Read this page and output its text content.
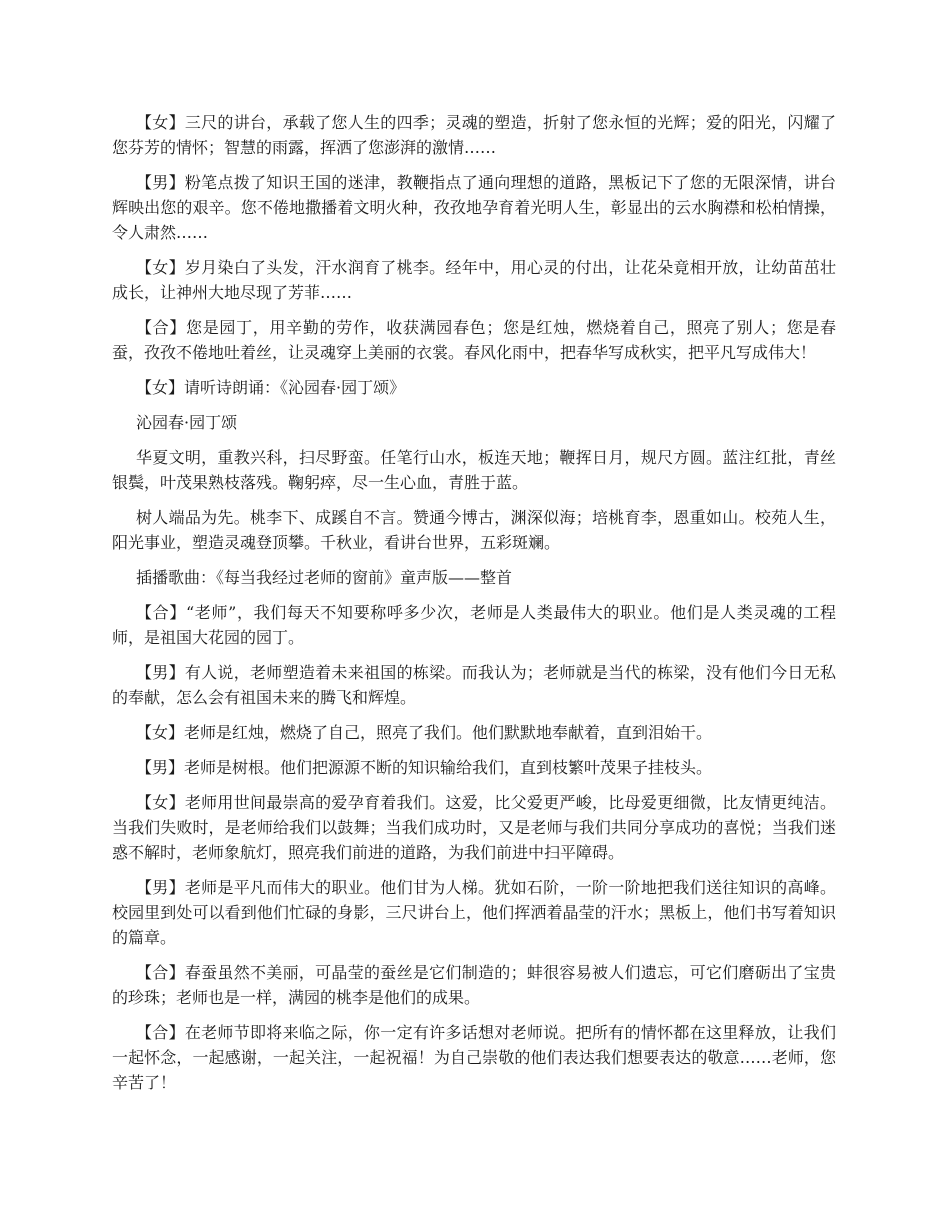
【女】三尺的讲台，承载了您人生的四季；灵魂的塑造，折射了您永恒的光辉；爱的阳光，闪耀了您芬芳的情怀；智慧的雨露，挥洒了您澎湃的激情……

【男】粉笔点拨了知识王国的迷津，教鞭指点了通向理想的道路，黑板记下了您的无限深情，讲台辉映出您的艰辛。您不倦地撒播着文明火种，孜孜地孕育着光明人生，彰显出的云水胸襟和松柏情操，令人肃然……

【女】岁月染白了头发，汗水润育了桃李。经年中，用心灵的付出，让花朵竟相开放，让幼苗茁壮成长，让神州大地尽现了芳菲……

【合】您是园丁，用辛勤的劳作，收获满园春色；您是红烛，燃烧着自己，照亮了别人；您是春蚕，孜孜不倦地吐着丝，让灵魂穿上美丽的衣裳。春风化雨中，把春华写成秋实，把平凡写成伟大！

【女】请听诗朗诵：《沁园春·园丁颂》

沁园春·园丁颂

华夏文明，重教兴科，扫尽野蛮。任笔行山水，板连天地；鞭挥日月，规尺方圆。蓝注红批，青丝银鬓，叶茂果熟枝落残。鞠躬瘁，尽一生心血，青胜于蓝。

树人端品为先。桃李下、成蹊自不言。赞通今博古，渊深似海；培桃育李，恩重如山。校苑人生，阳光事业，塑造灵魂登顶攀。千秋业，看讲台世界，五彩斑斓。

插播歌曲：《每当我经过老师的窗前》童声版——整首

【合】“老师”，我们每天不知要称呼多少次，老师是人类最伟大的职业。他们是人类灵魂的工程师，是祖国大花园的园丁。

【男】有人说，老师塑造着未来祖国的栋梁。而我认为；老师就是当代的栋梁，没有他们今日无私的奉献，怎么会有祖国未来的腾飞和辉煌。

【女】老师是红烛，燃烧了自己，照亮了我们。他们默默地奉献着，直到泪始干。

【男】老师是树根。他们把源源不断的知识输给我们，直到枝繁叶茂果子挂枝头。

【女】老师用世间最崇高的爱孕育着我们。这爱，比父爱更严峻，比母爱更细微，比友情更纯洁。当我们失败时，是老师给我们以鼓舞；当我们成功时，又是老师与我们共同分享成功的喜悦；当我们迷惑不解时，老师象航灯，照亮我们前进的道路，为我们前进中扫平障碍。

【男】老师是平凡而伟大的职业。他们甘为人梯。犹如石阶，一阶一阶地把我们送往知识的高峰。校园里到处可以看到他们忙碌的身影，三尺讲台上，他们挥洒着晶莹的汗水；黑板上，他们书写着知识的篇章。

【合】春蚕虽然不美丽，可晶莹的蚕丝是它们制造的；蚌很容易被人们遗忘，可它们磨砺出了宝贵的珍珠；老师也是一样，满园的桃李是他们的成果。

【合】在老师节即将来临之际，你一定有许多话想对老师说。把所有的情怀都在这里释放，让我们一起怀念，一起感谢，一起关注，一起祝福！为自己崇敬的他们表达我们想要表达的敬意……老师，您辛苦了！
